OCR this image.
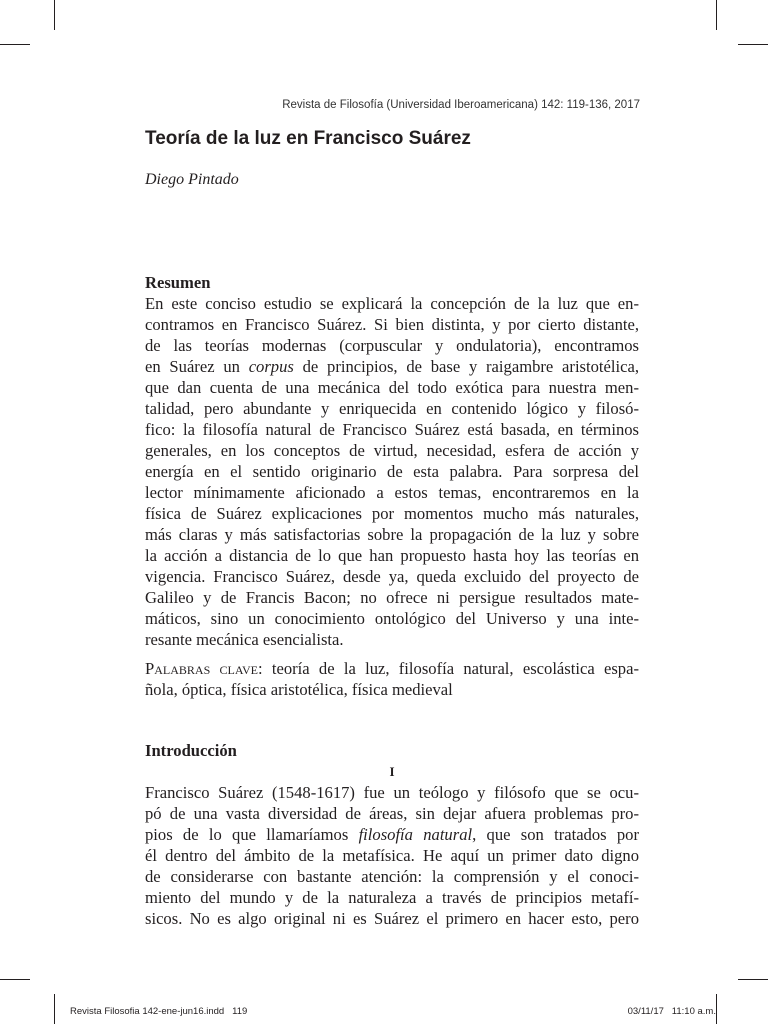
Revista de Filosofía (Universidad Iberoamericana) 142: 119-136, 2017
Teoría de la luz en Francisco Suárez

Diego Pintado

Resumen
En este conciso estudio se explicará la concepción de la luz que en-
contramos en Francisco Suárez. Si bien distinta, y por cierto distante,
de las teorías modernas (corpuscular y ondulatoria), encontramos
en Suárez un corpus de principios, de base y raigambre aristotélica,
que dan cuenta de una mecánica del todo exótica para nuestra men-
talidad, pero abundante y enriquecida en contenido lógico y filosó-
fico: la filosofía natural de Francisco Suárez está basada, en términos
generales, en los conceptos de virtud, necesidad, esfera de acción y
energía en el sentido originario de esta palabra. Para sorpresa del
lector mínimamente aficionado a estos temas, encontraremos en la
física de Suárez explicaciones por momentos mucho más naturales,
más claras y más satisfactorias sobre la propagación de la luz y sobre
la acción a distancia de lo que han propuesto hasta hoy las teorías en
vigencia. Francisco Suárez, desde ya, queda excluido del proyecto de
Galileo y de Francis Bacon; no ofrece ni persigue resultados mate-
máticos, sino un conocimiento ontológico del Universo y una inte-
resante mecánica esencialista.
Palabras clave: teoría de la luz, filosofía natural, escolástica espa-
ñola, óptica, física aristotélica, física medieval
Introducción
I
Francisco Suárez (1548-1617) fue un teólogo y filósofo que se ocu-
pó de una vasta diversidad de áreas, sin dejar afuera problemas pro-
pios de lo que llamaríamos filosofía natural, que son tratados por
él dentro del ámbito de la metafísica. He aquí un primer dato digno
de considerarse con bastante atención: la comprensión y el conoci-
miento del mundo y de la naturaleza a través de principios metafí-
sicos. No es algo original ni es Suárez el primero en hacer esto, pero
Revista Filosofia 142-ene-jun16.indd   119	03/11/17   11:10 a.m.
